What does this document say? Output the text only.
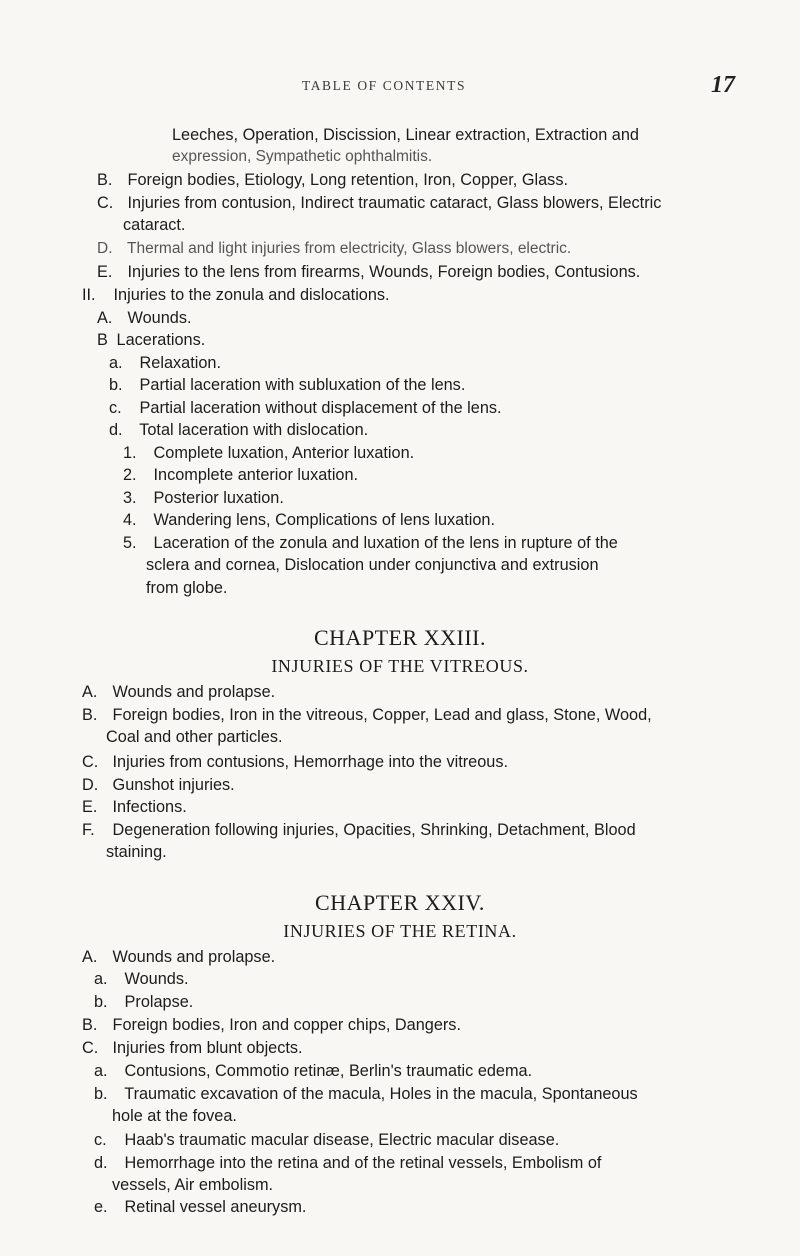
TABLE OF CONTENTS	17
Leeches, Operation, Discission, Linear extraction, Extraction and
expression, Sympathetic ophthalmitis.
B. Foreign bodies, Etiology, Long retention, Iron, Copper, Glass.
C. Injuries from contusion, Indirect traumatic cataract, Glass blowers, Electric
cataract.
D. Thermal and light injuries from electricity, Glass blowers, electric.
E. Injuries to the lens from firearms, Wounds, Foreign bodies, Contusions.
II. Injuries to the zonula and dislocations.
A. Wounds.
B Lacerations.
a. Relaxation.
b. Partial laceration with subluxation of the lens.
c. Partial laceration without displacement of the lens.
d. Total laceration with dislocation.
1. Complete luxation, Anterior luxation.
2. Incomplete anterior luxation.
3. Posterior luxation.
4. Wandering lens, Complications of lens luxation.
5. Laceration of the zonula and luxation of the lens in rupture of the
sclera and cornea, Dislocation under conjunctiva and extrusion
from globe.
CHAPTER XXIII.
INJURIES OF THE VITREOUS.
A. Wounds and prolapse.
B. Foreign bodies, Iron in the vitreous, Copper, Lead and glass, Stone, Wood,
Coal and other particles.
C. Injuries from contusions, Hemorrhage into the vitreous.
D. Gunshot injuries.
E. Infections.
F. Degeneration following injuries, Opacities, Shrinking, Detachment, Blood
staining.
CHAPTER XXIV.
INJURIES OF THE RETINA.
A. Wounds and prolapse.
a. Wounds.
b. Prolapse.
B. Foreign bodies, Iron and copper chips, Dangers.
C. Injuries from blunt objects.
a. Contusions, Commotio retinæ, Berlin's traumatic edema.
b. Traumatic excavation of the macula, Holes in the macula, Spontaneous
hole at the fovea.
c. Haab's traumatic macular disease, Electric macular disease.
d. Hemorrhage into the retina and of the retinal vessels, Embolism of
vessels, Air embolism.
e. Retinal vessel aneurysm.
